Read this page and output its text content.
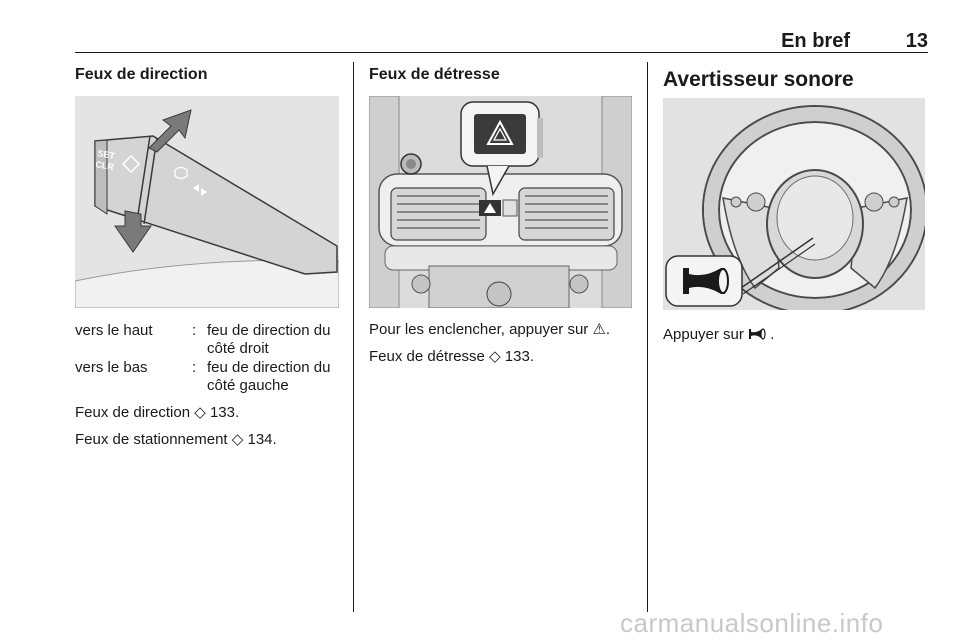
En bref	13
Feux de direction
SET
CLR
vers le haut	: feu de direction du côté droit
vers le bas	: feu de direction du côté gauche
Feux de direction ◇ 133.
Feux de stationnement ◇ 134.
Feux de détresse
Pour les enclencher, appuyer sur ⚠.
Feux de détresse ◇ 133.
Avertisseur sonore
Appuyer sur .
carmanualsonline.info
